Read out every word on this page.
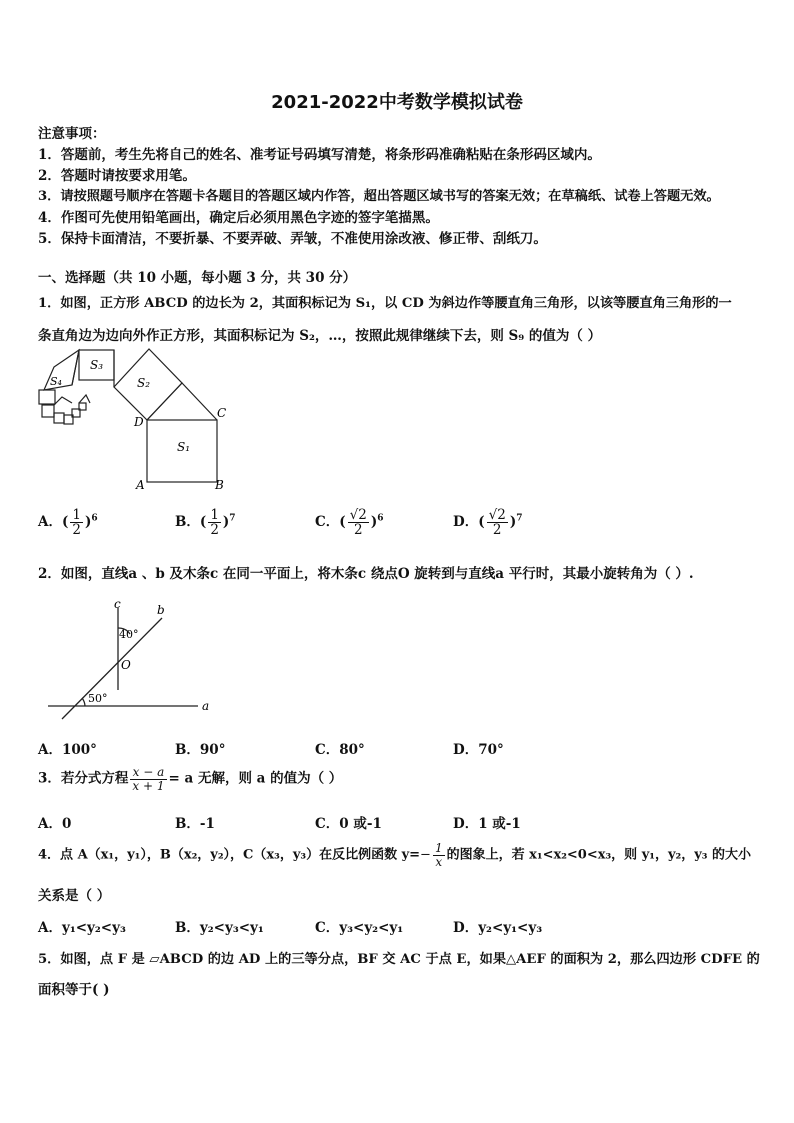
2021-2022中考数学模拟试卷
注意事项：
1．答题前，考生先将自己的姓名、准考证号码填写清楚，将条形码准确粘贴在条形码区域内。
2．答题时请按要求用笔。
3．请按照题号顺序在答题卡各题目的答题区域内作答，超出答题区域书写的答案无效；在草稿纸、试卷上答题无效。
4．作图可先使用铅笔画出，确定后必须用黑色字迹的签字笔描黑。
5．保持卡面清洁，不要折暴、不要弄破、弄皱，不准使用涂改液、修正带、刮纸刀。
一、选择题（共 10 小题，每小题 3 分，共 30 分）
1．如图，正方形 ABCD 的边长为 2，其面积标记为 S₁，以 CD 为斜边作等腰直角三角形，以该等腰直角三角形的一
条直角边为边向外作正方形，其面积标记为 S₂，…，按照此规律继续下去，则 S₉ 的值为（ ）
S₁
S₂
S₃
S₄
A	B
C
D
A．( $\frac{1}{2} )^6$	B．( $\frac{1}{2} )^7$	C．( $\frac{√2}{2} )^6$	D．( $\frac{√2}{2} )^7$
2．如图，直线a 、b 及木条c 在同一平面上，将木条c 绕点O 旋转到与直线a 平行时，其最小旋转角为（ ）.
c	b
a
O
40°
50°
A．100°	B．90°	C．80°	D．70°
3．若分式方程 $\frac{x - a}{x + 1} = a$ 无解，则 a 的值为（ ）
A．0	B．-1	C．0 或-1	D．1 或-1
4．点 A（x₁，y₁），B（x₂，y₂），C（x₃，y₃）在反比例函数 $y=- \frac{1}{x}$ 的图象上，若 x₁<x₂<0<x₃，则 y₁，y₂，y₃ 的大小
关系是（ ）
A．y₁<y₂<y₃	B．y₂<y₃<y₁	C．y₃<y₂<y₁	D．y₂<y₁<y₃
5．如图，点 F 是 ▱ABCD 的边 AD 上的三等分点，BF 交 AC 于点 E，如果△AEF 的面积为 2，那么四边形 CDFE 的
面积等于( )
